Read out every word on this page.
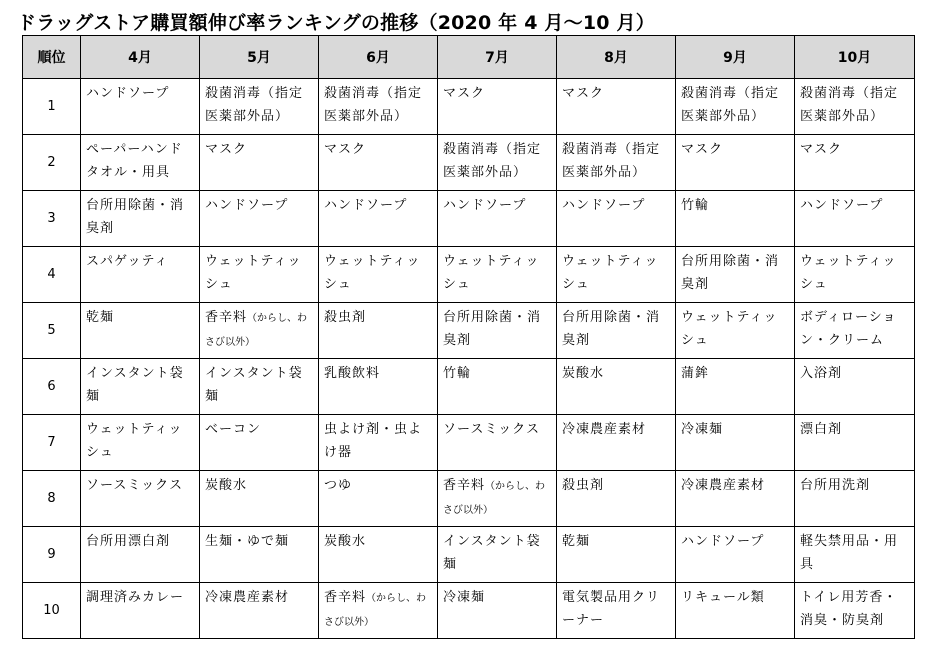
ドラッグストア購買額伸び率ランキングの推移（2020 年 4 月〜10 月）
順位	4月	5月	6月	7月	8月	9月	10月
1	ハンドソープ	殺菌消毒（指定医薬部外品）	殺菌消毒（指定医薬部外品）	マスク	マスク	殺菌消毒（指定医薬部外品）	殺菌消毒（指定医薬部外品）
2	ペーパーハンドタオル・用具	マスク	マスク	殺菌消毒（指定医薬部外品）	殺菌消毒（指定医薬部外品）	マスク	マスク
3	台所用除菌・消臭剤	ハンドソープ	ハンドソープ	ハンドソープ	ハンドソープ	竹輪	ハンドソープ
4	スパゲッティ	ウェットティッシュ	ウェットティッシュ	ウェットティッシュ	ウェットティッシュ	台所用除菌・消臭剤	ウェットティッシュ
5	乾麺	香辛料（からし、わさび以外）	殺虫剤	台所用除菌・消臭剤	台所用除菌・消臭剤	ウェットティッシュ	ボディローション・クリーム
6	インスタント袋麺	インスタント袋麺	乳酸飲料	竹輪	炭酸水	蒲鉾	入浴剤
7	ウェットティッシュ	ベーコン	虫よけ剤・虫よけ器	ソースミックス	冷凍農産素材	冷凍麺	漂白剤
8	ソースミックス	炭酸水	つゆ	香辛料（からし、わさび以外）	殺虫剤	冷凍農産素材	台所用洗剤
9	台所用漂白剤	生麺・ゆで麺	炭酸水	インスタント袋麺	乾麺	ハンドソープ	軽失禁用品・用具
10	調理済みカレー	冷凍農産素材	香辛料（からし、わさび以外）	冷凍麺	電気製品用クリーナー	リキュール類	トイレ用芳香・消臭・防臭剤
